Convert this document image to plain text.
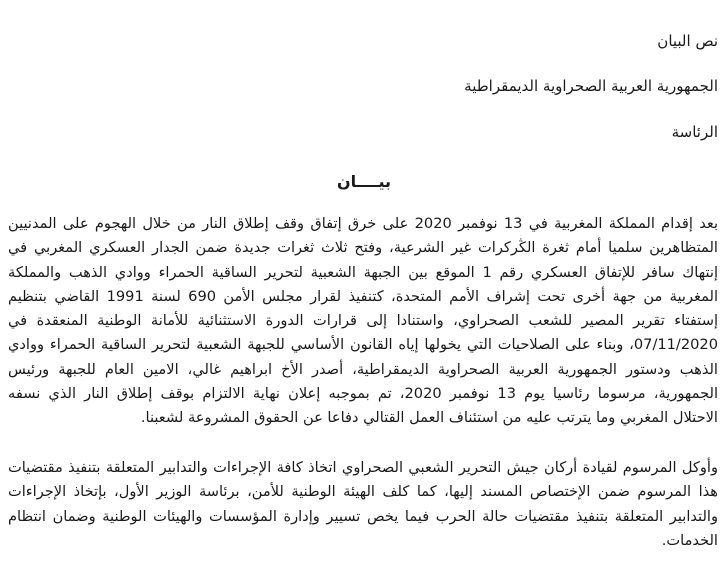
نص البيان
الجمهورية العربية الصحراوية الديمقراطية
الرئاسة
بيــــان
بعد إقدام المملكة المغربية في 13 نوفمبر 2020 على خرق إتفاق وقف إطلاق النار من خلال الهجوم على المدنيين
المتظاهرين سلميا أمام ثغرة الڭركرات غير الشرعية، وفتح ثلاث ثغرات جديدة ضمن الجدار العسكري المغربي في
إنتهاك سافر للإتفاق العسكري رقم 1 الموقع بين الجبهة الشعبية لتحرير الساقية الحمراء ووادي الذهب والمملكة
المغربية من جهة أخرى تحت إشراف الأمم المتحدة، كتنفيذ لقرار مجلس الأمن 690 لسنة 1991 القاضي بتنظيم
إستفتاء تقرير المصير للشعب الصحراوي، واستنادا إلى قرارات الدورة الاستثنائية للأمانة الوطنية المنعقدة في
07/11/2020، وبناء على الصلاحيات التي يخولها إياه القانون الأساسي للجبهة الشعبية لتحرير الساقية الحمراء ووادي
الذهب ودستور الجمهورية العربية الصحراوية الديمقراطية، أصدر الأخ ابراهيم غالي، الامين العام للجبهة ورئيس
الجمهورية، مرسوما رئاسيا يوم 13 نوفمبر 2020، تم بموجبه إعلان نهاية الالتزام بوقف إطلاق النار الذي نسفه
الاحتلال المغربي وما يترتب عليه من استئناف العمل القتالي دفاعا عن الحقوق المشروعة لشعبنا.
وأوكل المرسوم لقيادة أركان جيش التحرير الشعبي الصحراوي اتخاذ كافة الإجراءات والتدابير المتعلقة بتنفيذ مقتضيات
هذا المرسوم ضمن الإختصاص المسند إليها، كما كلف الهيئة الوطنية للأمن، برئاسة الوزير الأول، بإتخاذ الإجراءات
والتدابير المتعلقة بتنفيذ مقتضيات حالة الحرب فيما يخص تسيير وإدارة المؤسسات والهيئات الوطنية وضمان انتظام
الخدمات.
